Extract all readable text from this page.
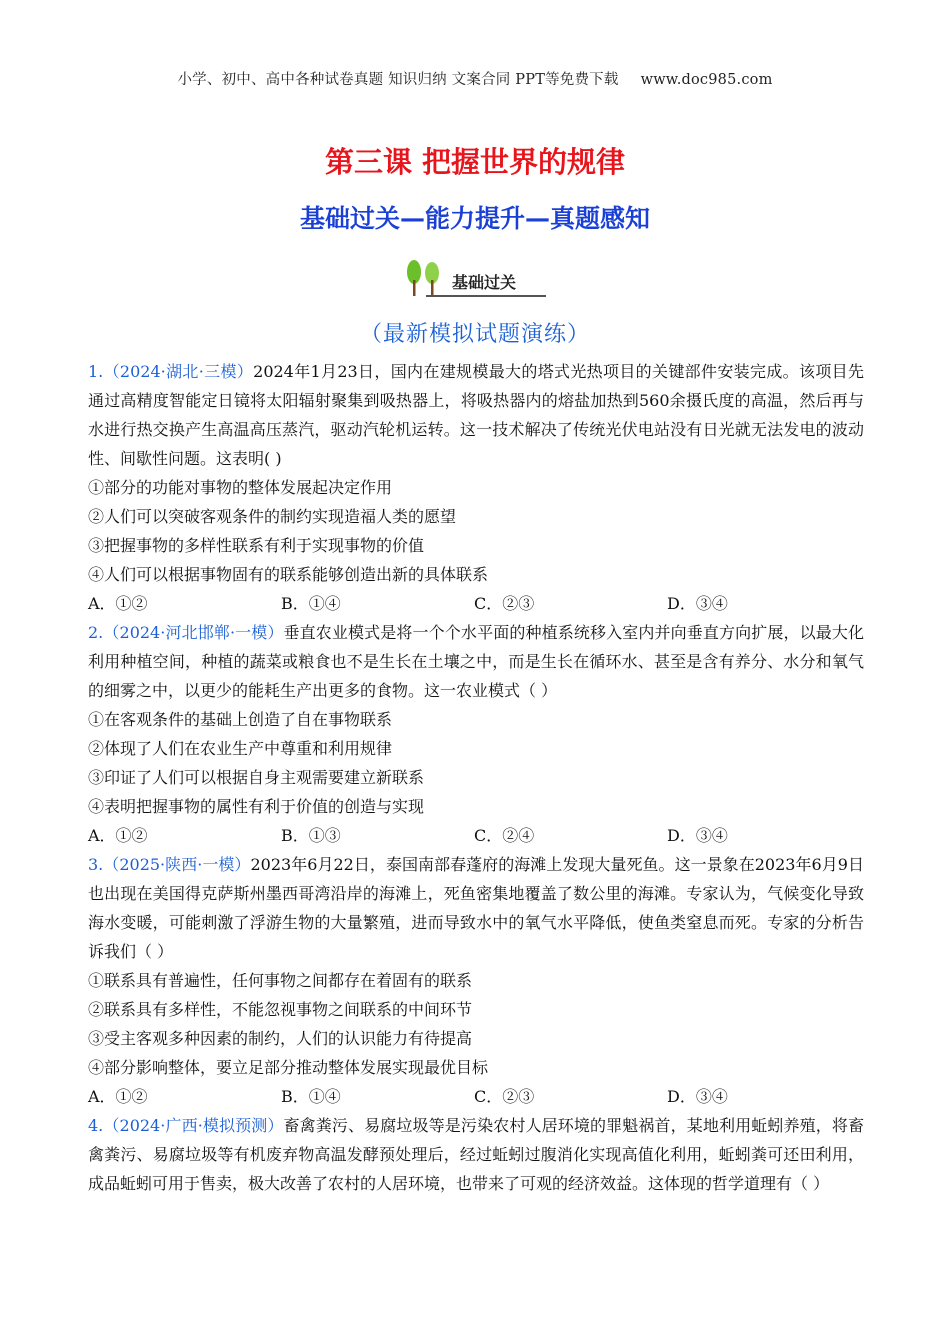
小学、初中、高中各种试卷真题 知识归纳 文案合同 PPT等免费下载 www.doc985.com
第三课 把握世界的规律
基础过关—能力提升—真题感知
基础过关
（最新模拟试题演练）
1.（2024·湖北·三模）2024年1月23日，国内在建规模最大的塔式光热项目的关键部件安装完成。该项目先通过高精度智能定日镜将太阳辐射聚集到吸热器上，将吸热器内的熔盐加热到560余摄氏度的高温，然后再与水进行热交换产生高温高压蒸汽，驱动汽轮机运转。这一技术解决了传统光伏电站没有日光就无法发电的波动性、间歇性问题。这表明( )
①部分的功能对事物的整体发展起决定作用
②人们可以突破客观条件的制约实现造福人类的愿望
③把握事物的多样性联系有利于实现事物的价值
④人们可以根据事物固有的联系能够创造出新的具体联系
A．①②	B．①④	C．②③	D．③④
2.（2024·河北邯郸·一模）垂直农业模式是将一个个水平面的种植系统移入室内并向垂直方向扩展，以最大化利用种植空间，种植的蔬菜或粮食也不是生长在土壤之中，而是生长在循环水、甚至是含有养分、水分和氧气的细雾之中，以更少的能耗生产出更多的食物。这一农业模式（ ）
①在客观条件的基础上创造了自在事物联系
②体现了人们在农业生产中尊重和利用规律
③印证了人们可以根据自身主观需要建立新联系
④表明把握事物的属性有利于价值的创造与实现
A．①②	B．①③	C．②④	D．③④
3.（2025·陕西·一模）2023年6月22日，泰国南部春蓬府的海滩上发现大量死鱼。这一景象在2023年6月9日也出现在美国得克萨斯州墨西哥湾沿岸的海滩上，死鱼密集地覆盖了数公里的海滩。专家认为，气候变化导致海水变暖，可能刺激了浮游生物的大量繁殖，进而导致水中的氧气水平降低，使鱼类窒息而死。专家的分析告诉我们（ ）
①联系具有普遍性，任何事物之间都存在着固有的联系
②联系具有多样性，不能忽视事物之间联系的中间环节
③受主客观多种因素的制约，人们的认识能力有待提高
④部分影响整体，要立足部分推动整体发展实现最优目标
A．①②	B．①④	C．②③	D．③④
4.（2024·广西·模拟预测）畜禽粪污、易腐垃圾等是污染农村人居环境的罪魁祸首，某地利用蚯蚓养殖，将畜禽粪污、易腐垃圾等有机废弃物高温发酵预处理后，经过蚯蚓过腹消化实现高值化利用，蚯蚓粪可还田利用，成品蚯蚓可用于售卖，极大改善了农村的人居环境，也带来了可观的经济效益。这体现的哲学道理有（ ）
